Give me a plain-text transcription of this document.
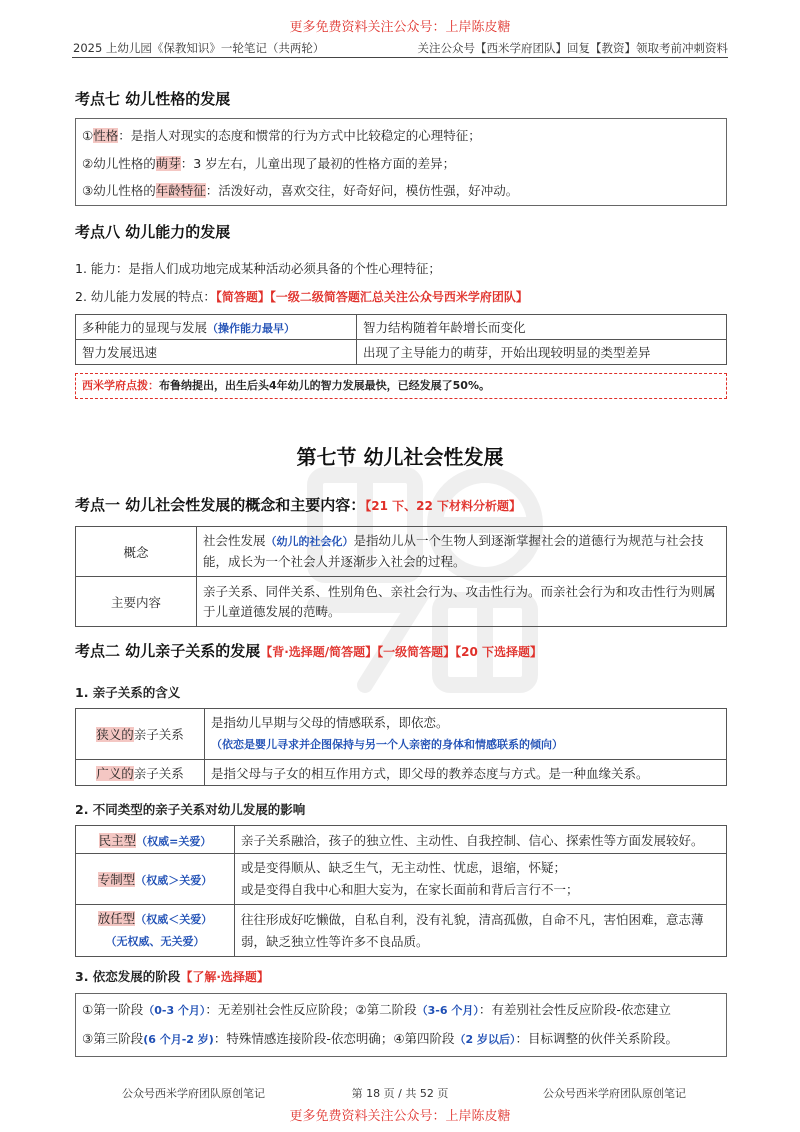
更多免费资料关注公众号：上岸陈皮糖
2025 上幼儿园《保教知识》一轮笔记（共两轮）	关注公众号【西米学府团队】回复【教资】领取考前冲刺资料
考点七 幼儿性格的发展
①性格：是指人对现实的态度和惯常的行为方式中比较稳定的心理特征；
②幼儿性格的萌芽：3 岁左右，儿童出现了最初的性格方面的差异；
③幼儿性格的年龄特征：活泼好动，喜欢交往，好奇好问，模仿性强，好冲动。
考点八 幼儿能力的发展
1. 能力：是指人们成功地完成某种活动必须具备的个性心理特征；
2. 幼儿能力发展的特点：【简答题】【一级二级简答题汇总关注公众号西米学府团队】
多种能力的显现与发展（操作能力最早）	智力结构随着年龄增长而变化
智力发展迅速	出现了主导能力的萌芽，开始出现较明显的类型差异
西米学府点拨：布鲁纳提出，出生后头4年幼儿的智力发展最快，已经发展了50%。
第七节 幼儿社会性发展
考点一 幼儿社会性发展的概念和主要内容：【21 下、22 下材料分析题】
概念	社会性发展（幼儿的社会化）是指幼儿从一个生物人到逐渐掌握社会的道德行为规范与社会技能，成长为一个社会人并逐渐步入社会的过程。
主要内容	亲子关系、同伴关系、性别角色、亲社会行为、攻击性行为。而亲社会行为和攻击性行为则属于儿童道德发展的范畴。
考点二 幼儿亲子关系的发展【背·选择题/简答题】【一级简答题】【20 下选择题】
1. 亲子关系的含义
狭义的亲子关系	是指幼儿早期与父母的情感联系，即依恋。
（依恋是婴儿寻求并企图保持与另一个人亲密的身体和情感联系的倾向）

广义的亲子关系	是指父母与子女的相互作用方式，即父母的教养态度与方式。是一种血缘关系。
2. 不同类型的亲子关系对幼儿发展的影响
民主型（权威=关爱）	亲子关系融洽，孩子的独立性、主动性、自我控制、信心、探索性等方面发展较好。
专制型（权威＞关爱）	或是变得顺从、缺乏生气，无主动性、忧虑，退缩，怀疑；
或是变得自我中心和胆大妄为，在家长面前和背后言行不一；

放任型（权威＜关爱）
（无权威、无关爱）	往往形成好吃懒做，自私自利，没有礼貌，清高孤傲，自命不凡，害怕困难，意志薄弱，缺乏独立性等许多不良品质。
3. 依恋发展的阶段【了解·选择题】
①第一阶段（0-3 个月）：无差别社会性反应阶段；②第二阶段（3-6 个月）：有差别社会性反应阶段-依恋建立
③第三阶段(6 个月-2 岁)：特殊情感连接阶段-依恋明确；④第四阶段（2 岁以后）：目标调整的伙伴关系阶段。
公众号西米学府团队原创笔记	第 18 页 / 共 52 页	公众号西米学府团队原创笔记
更多免费资料关注公众号：上岸陈皮糖
